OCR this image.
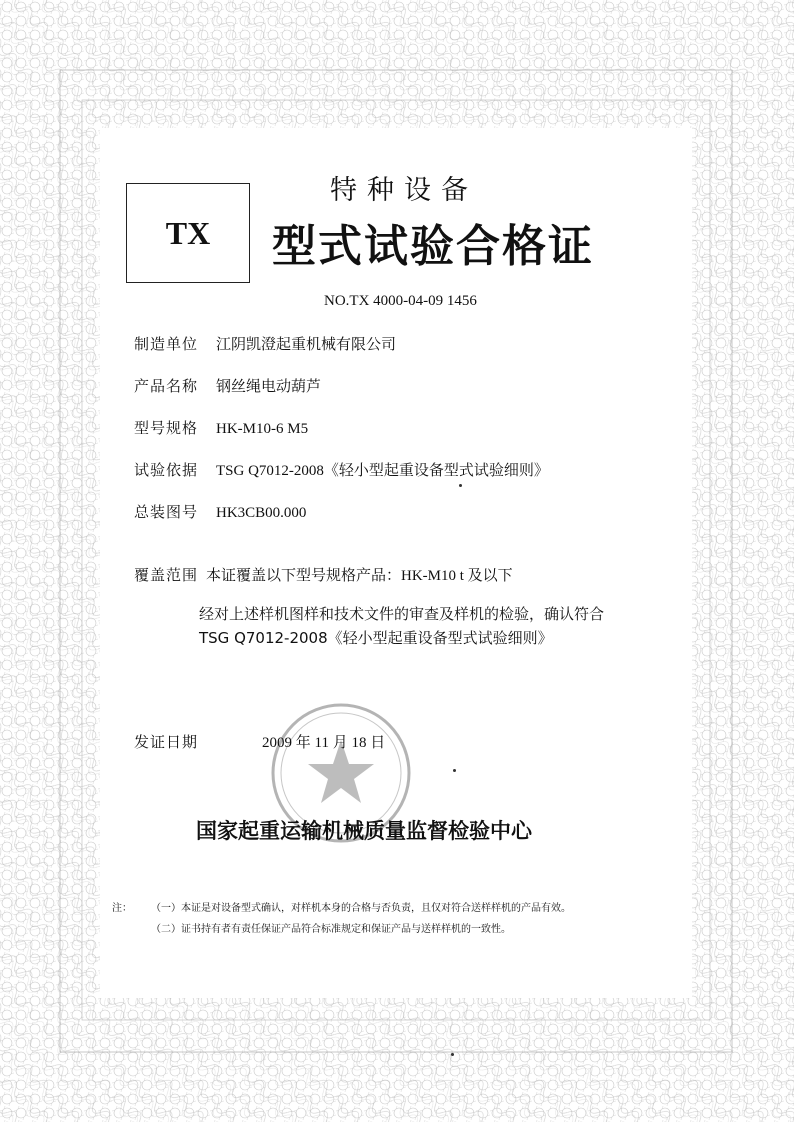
TX
特种设备
型式试验合格证
NO.TX 4000-04-09 1456
制造单位 江阴凯澄起重机械有限公司
产品名称 钢丝绳电动葫芦
型号规格 HK-M10-6 M5
试验依据 TSG Q7012-2008《轻小型起重设备型式试验细则》
总装图号 HK3CB00.000
覆盖范围 本证覆盖以下型号规格产品：HK-M10 t 及以下
经对上述样机图样和技术文件的审查及样机的检验，确认符合
TSG Q7012-2008《轻小型起重设备型式试验细则》
发证日期	2009 年 11 月 18 日
国家起重运输机械质量监督检验中心
注： （一）本证是对设备型式确认，对样机本身的合格与否负责，且仅对符合送样样机的产品有效。
（二）证书持有者有责任保证产品符合标准规定和保证产品与送样样机的一致性。
